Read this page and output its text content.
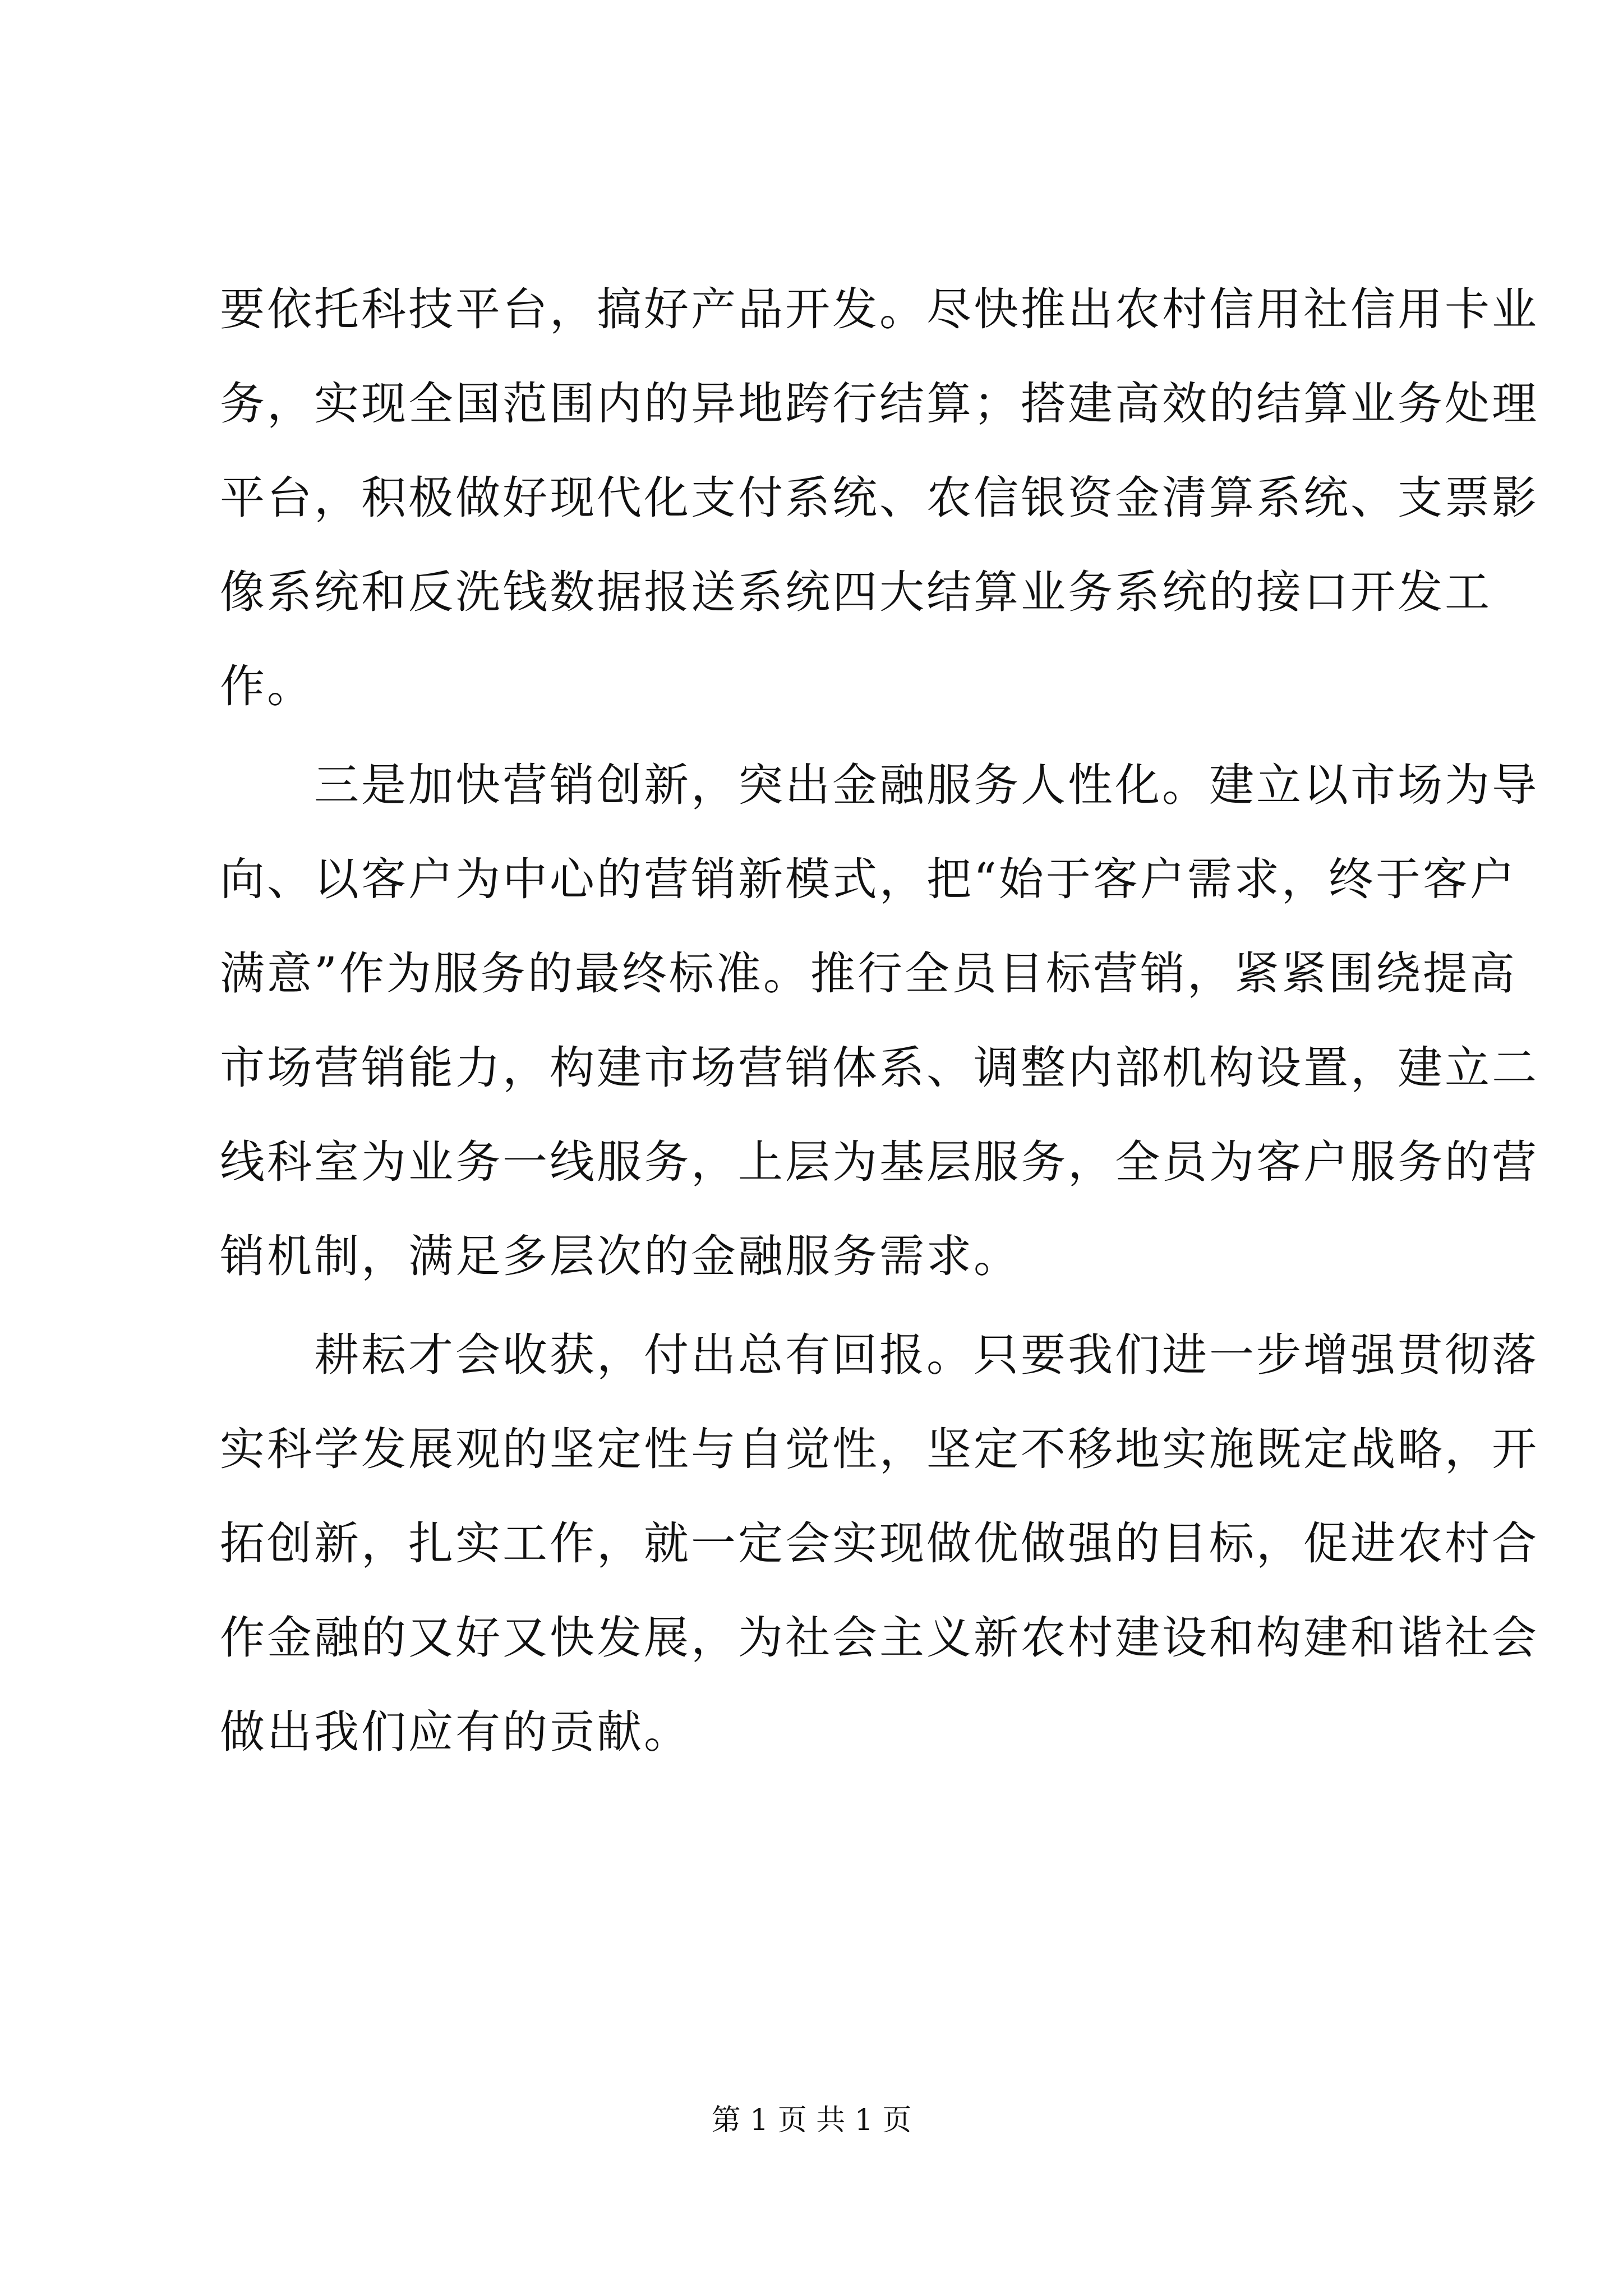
要依托科技平台，搞好产品开发。尽快推出农村信用社信用卡业
务，实现全国范围内的异地跨行结算；搭建高效的结算业务处理
平台，积极做好现代化支付系统、农信银资金清算系统、支票影
像系统和反洗钱数据报送系统四大结算业务系统的接口开发工
作。
三是加快营销创新，突出金融服务人性化。建立以市场为导
向、以客户为中心的营销新模式，把“始于客户需求，终于客户
满意”作为服务的最终标准。推行全员目标营销，紧紧围绕提高
市场营销能力，构建市场营销体系、调整内部机构设置，建立二
线科室为业务一线服务，上层为基层服务，全员为客户服务的营
销机制，满足多层次的金融服务需求。
耕耘才会收获，付出总有回报。只要我们进一步增强贯彻落
实科学发展观的坚定性与自觉性，坚定不移地实施既定战略，开
拓创新，扎实工作，就一定会实现做优做强的目标，促进农村合
作金融的又好又快发展，为社会主义新农村建设和构建和谐社会
做出我们应有的贡献。
第 1 页 共 1 页
